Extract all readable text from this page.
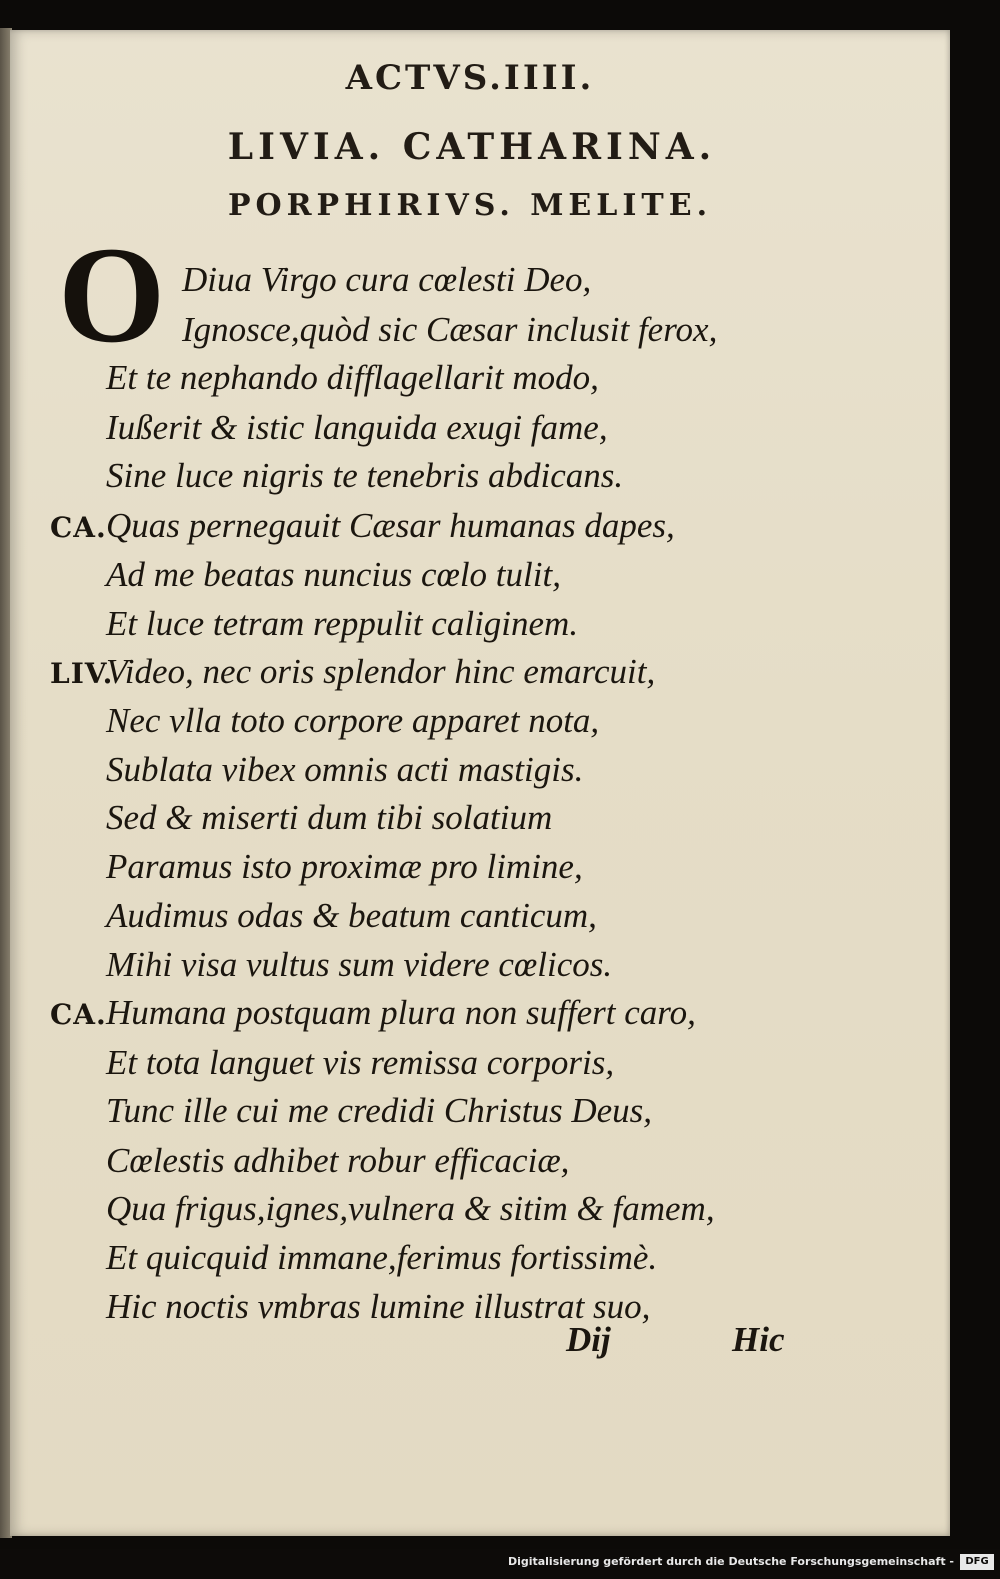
ACTVS.IIII.
LIVIA. CATHARINA.
PORPHIRIVS. MELITE.
O Diua Virgo cura cœlesti Deo,
Ignosce,quòd sic Cæsar inclusit ferox,
Et te nephando difflagellarit modo,
Iußerit & istic languida exugi fame,
Sine luce nigris te tenebris abdicans.
CA. Quas pernegauit Cæsar humanas dapes,
Ad me beatas nuncius cœlo tulit,
Et luce tetram reppulit caliginem.
LIV.
Video, nec oris splendor hinc emarcuit,
Nec vlla toto corpore apparet nota,
Sublata vibex omnis acti mastigis.
Sed & miserti dum tibi solatium
Paramus isto proximæ pro limine,
Audimus odas & beatum canticum,
Mihi visa vultus sum videre cœlicos.
CA. Humana postquam plura non suffert caro,
Et tota languet vis remissa corporis,
Tunc ille cui me credidi Christus Deus,
Cœlestis adhibet robur efficaciæ,
Qua frigus,ignes,vulnera & sitim & famem,
Et quicquid immane,ferimus fortissimè.
Hic noctis vmbras lumine illustrat suo,
Dij	Hic
Digitalisierung gefördert durch die Deutsche Forschungsgemeinschaft -	DFG
